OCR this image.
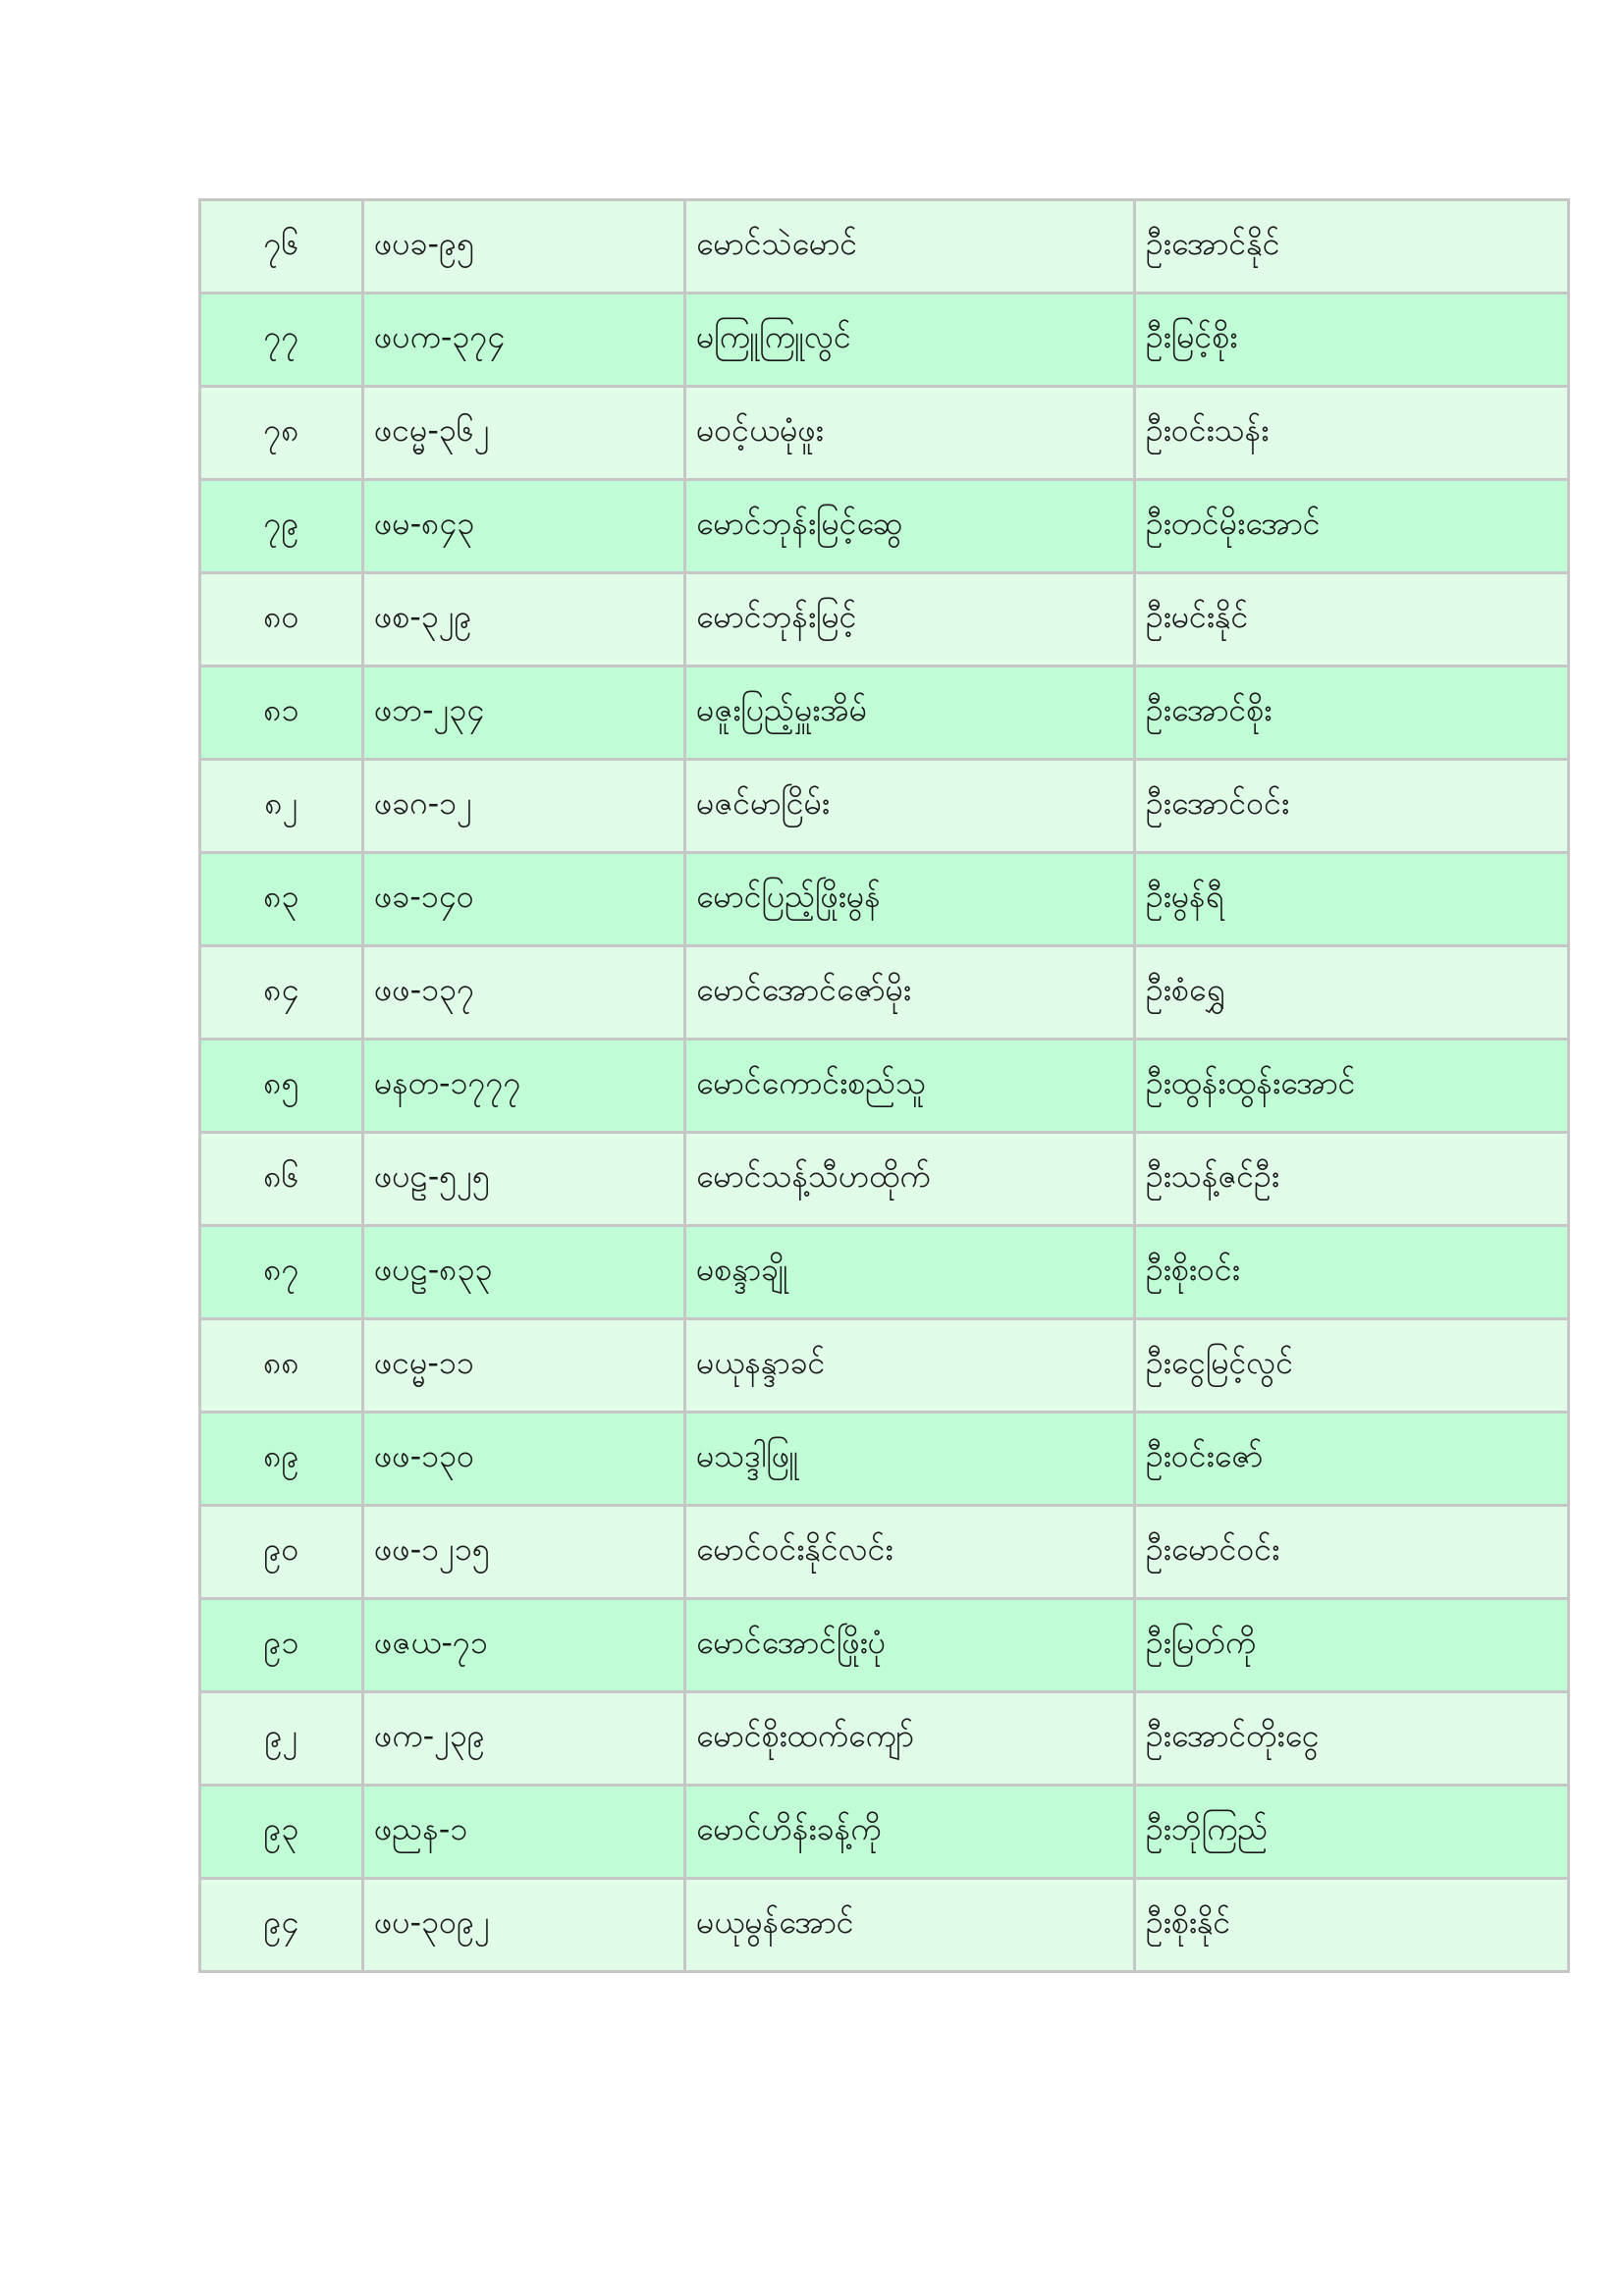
၇၆	ဖပခ-၉၅	မောင်သဲမောင်	ဦးအောင်နိုင်
၇၇	ဖပက-၃၇၄	မကြူကြူလွင်	ဦးမြင့်စိုး
၇၈	ဖငမ္မ-၃၆၂	မဝင့်ယမုံဖူး	ဦးဝင်းသန်း
၇၉	ဖမ-၈၄၃	မောင်ဘုန်းမြင့်ဆွေ	ဦးတင်မိုးအောင်
၈၀	ဖစ-၃၂၉	မောင်ဘုန်းမြင့်	ဦးမင်းနိုင်
၈၁	ဖဘ-၂၃၄	မဇူးပြည့်မှူးအိမ်	ဦးအောင်စိုး
၈၂	ဖခဂ-၁၂	မဇင်မာငြိမ်း	ဦးအောင်ဝင်း
၈၃	ဖခ-၁၄၀	မောင်ပြည့်ဖြိုးမွန်	ဦးမွန်ရီ
၈၄	ဖဖ-၁၃၇	မောင်အောင်ဇော်မိုး	ဦးစံရွှေ
၈၅	မနတ-၁၇၇၇	မောင်ကောင်းစည်သူ	ဦးထွန်းထွန်းအောင်
၈၆	ဖပဠ-၅၂၅	မောင်သန့်သီဟထိုက်	ဦးသန့်ဇင်ဦး
၈၇	ဖပဠ-၈၃၃	မစန္ဒာချို	ဦးစိုးဝင်း
၈၈	ဖငမ္မ-၁၁	မယုနန္ဒာခင်	ဦးငွေမြင့်လွင်
၈၉	ဖဖ-၁၃၀	မသဒ္ဒါဖြူ	ဦးဝင်းဇော်
၉၀	ဖဖ-၁၂၁၅	မောင်ဝင်းနိုင်လင်း	ဦးမောင်ဝင်း
၉၁	ဖဇယ-၇၁	မောင်အောင်ဖြိုးပုံ	ဦးမြတ်ကို
၉၂	ဖက-၂၃၉	မောင်စိုးထက်ကျော်	ဦးအောင်တိုးငွေ
၉၃	ဖညန-၁	မောင်ဟိန်းခန့်ကို	ဦးဘိုကြည်
၉၄	ဖပ-၃၀၉၂	မယုမွန်အောင်	ဦးစိုးနိုင်
